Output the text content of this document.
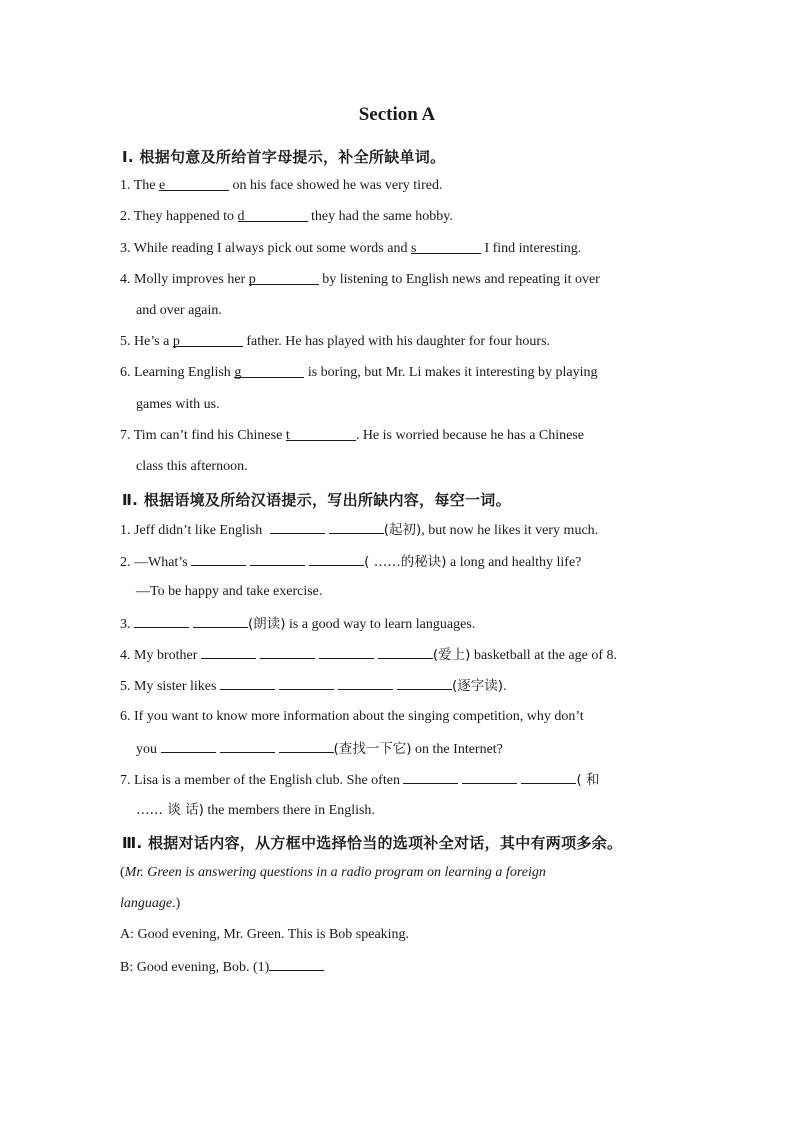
Section A
Ⅰ. 根据句意及所给首字母提示，补全所缺单词。
1. The e	on his face showed he was very tired.
2. They happened to d	they had the same hobby.
3. While reading I always pick out some words and s	I find interesting.
4. Molly improves her p	by listening to English news and repeating it over
and over again.
5. He’s a p	father. He has played with his daughter for four hours.
6. Learning English g	is boring, but Mr. Li makes it interesting by playing
games with us.
7. Tim can’t find his Chinese t	. He is worried because he has a Chinese
class this afternoon.
Ⅱ. 根据语境及所给汉语提示，写出所缺内容，每空一词。
1. Jeff didn’t like English	(起初), but now he likes it very much.
2. —What’s	( ……的秘诀) a long and healthy life?
—To be happy and take exercise.
3.	(朗读) is a good way to learn languages.
4. My brother	(爱上) basketball at the age of 8.
5. My sister likes	(逐字读).
6. If you want to know more information about the singing competition, why don’t
you	(查找一下它) on the Internet?
7. Lisa is a member of the English club. She often	( 和
…… 谈 话) the members there in English.
Ⅲ. 根据对话内容，从方框中选择恰当的选项补全对话，其中有两项多余。
(Mr. Green is answering questions in a radio program on learning a foreign
language.)
A: Good evening, Mr. Green. This is Bob speaking.
B: Good evening, Bob. (1)
